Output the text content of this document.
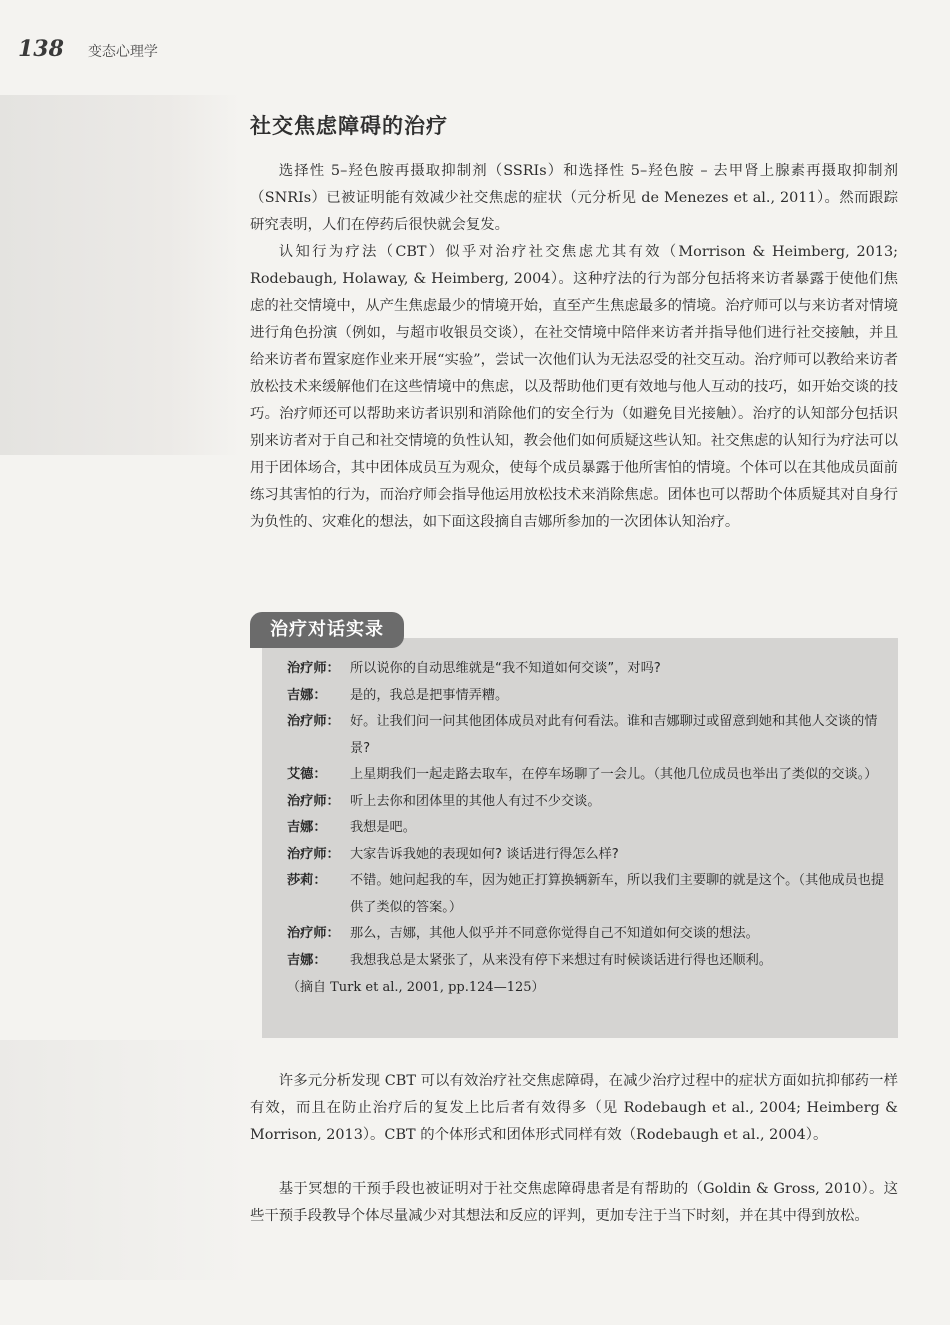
138 变态心理学
社交焦虑障碍的治疗

选择性 5–羟色胺再摄取抑制剂（SSRIs）和选择性 5–羟色胺 – 去甲肾上腺素再摄取抑制剂（SNRIs）已被证明能有效减少社交焦虑的症状（元分析见 de Menezes et al., 2011）。然而跟踪研究表明，人们在停药后很快就会复发。

认知行为疗法（CBT）似乎对治疗社交焦虑尤其有效（Morrison & Heimberg, 2013; Rodebaugh, Holaway, & Heimberg, 2004）。这种疗法的行为部分包括将来访者暴露于使他们焦虑的社交情境中，从产生焦虑最少的情境开始，直至产生焦虑最多的情境。治疗师可以与来访者对情境进行角色扮演（例如，与超市收银员交谈），在社交情境中陪伴来访者并指导他们进行社交接触，并且给来访者布置家庭作业来开展“实验”，尝试一次他们认为无法忍受的社交互动。治疗师可以教给来访者放松技术来缓解他们在这些情境中的焦虑，以及帮助他们更有效地与他人互动的技巧，如开始交谈的技巧。治疗师还可以帮助来访者识别和消除他们的安全行为（如避免目光接触）。治疗的认知部分包括识别来访者对于自己和社交情境的负性认知，教会他们如何质疑这些认知。社交焦虑的认知行为疗法可以用于团体场合，其中团体成员互为观众，使每个成员暴露于他所害怕的情境。个体可以在其他成员面前练习其害怕的行为，而治疗师会指导他运用放松技术来消除焦虑。团体也可以帮助个体质疑其对自身行为负性的、灾难化的想法，如下面这段摘自吉娜所参加的一次团体认知治疗。

治疗对话实录
治疗师： 所以说你的自动思维就是“我不知道如何交谈”，对吗?
吉娜： 是的，我总是把事情弄糟。
治疗师： 好。让我们问一问其他团体成员对此有何看法。谁和吉娜聊过或留意到她和其他人交谈的情景?
艾德： 上星期我们一起走路去取车，在停车场聊了一会儿。（其他几位成员也举出了类似的交谈。）
治疗师： 听上去你和团体里的其他人有过不少交谈。
吉娜： 我想是吧。
治疗师： 大家告诉我她的表现如何? 谈话进行得怎么样?
莎莉： 不错。她问起我的车，因为她正打算换辆新车，所以我们主要聊的就是这个。（其他成员也提供了类似的答案。）
治疗师： 那么，吉娜，其他人似乎并不同意你觉得自己不知道如何交谈的想法。
吉娜： 我想我总是太紧张了，从来没有停下来想过有时候谈话进行得也还顺利。
（摘自 Turk et al., 2001, pp.124—125）

许多元分析发现 CBT 可以有效治疗社交焦虑障碍，在减少治疗过程中的症状方面如抗抑郁药一样有效，而且在防止治疗后的复发上比后者有效得多（见 Rodebaugh et al., 2004; Heimberg & Morrison, 2013）。CBT 的个体形式和团体形式同样有效（Rodebaugh et al., 2004）。

基于冥想的干预手段也被证明对于社交焦虑障碍患者是有帮助的（Goldin & Gross, 2010）。这些干预手段教导个体尽量减少对其想法和反应的评判，更加专注于当下时刻，并在其中得到放松。
